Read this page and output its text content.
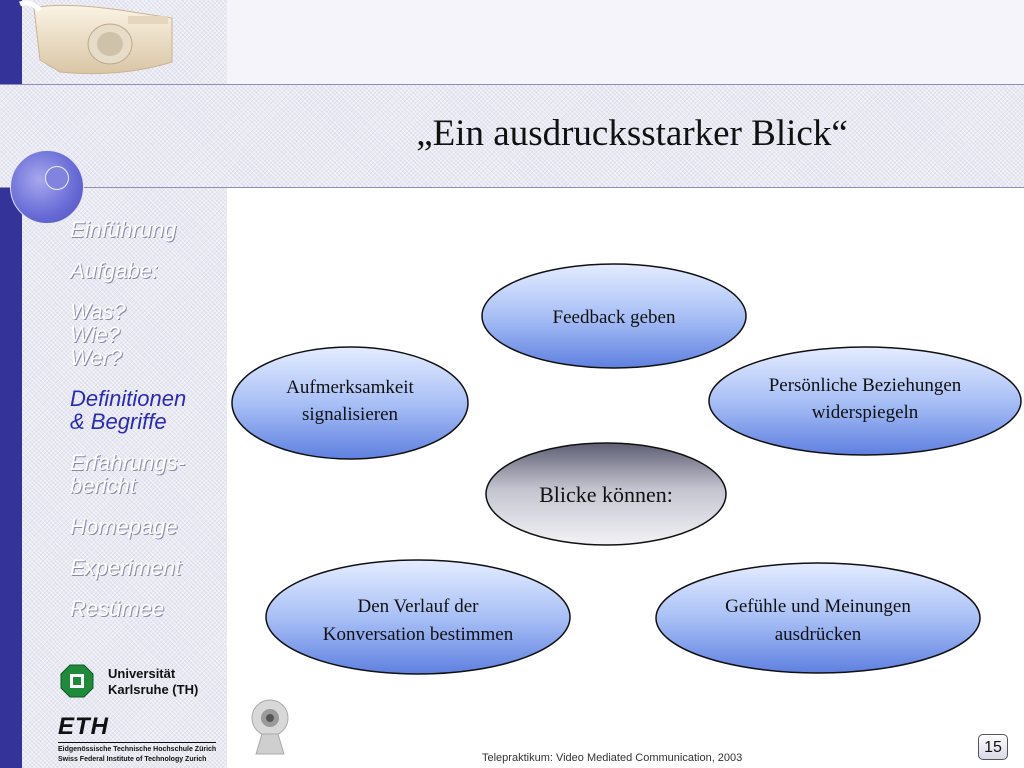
„Ein ausdrucksstarker Blick“
Einführung
Aufgabe:
Was?
Wie?
Wer?
Definitionen
& Begriffe
Erfahrungs-
bericht
Homepage
Experiment
Resümee
Universität
Karlsruhe (TH)
ETH
Eidgenössische Technische Hochschule Zürich
Swiss Federal Institute of Technology Zurich
Feedback geben
Aufmerksamkeit
signalisieren
Persönliche Beziehungen
widerspiegeln
Blicke können:
Den Verlauf der
Konversation bestimmen
Gefühle und Meinungen
ausdrücken
Telepraktikum: Video Mediated Communication, 2003
15
